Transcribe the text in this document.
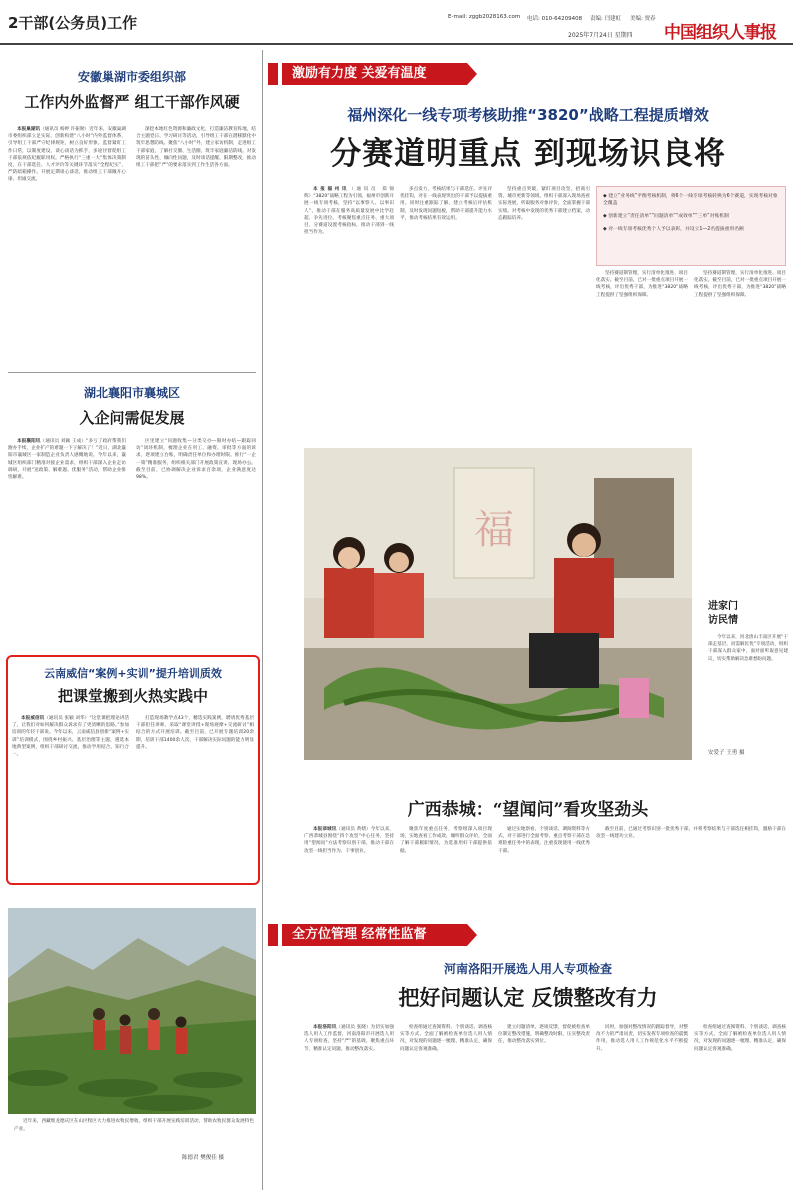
2干部(公务员)工作	E-mail: zggb2028163.com 电话: 010-64209408 责编: 闫建虹 美编: 贾春
2025年7月24日 星期四 中国组织人事报
安徽巢湖市委组织部
工作内外监督严 组工干部作风硬

本报巢湖讯（通讯员 杨婷 许振勋）近年来，安徽巢湖市委组织部立足实际，创新构建“八小时”内外监督体系，引导组工干部严守纪律规矩，树立良好形象。监督紧盯工作日常，以制度建设、谈心谈话为抓手，多途径督促组工干部依规依纪履职用权。严格执行“三重一大”集体决策制度，在干部选任、人才评价等关键环节落实“全程纪实”，严防暗箱操作。开展定期谈心谈话，推动组工干部敞开心扉、坦诚交流。

深挖本地红色资源和廉政文化，打造廉洁教育阵地，结合主题党日、学习研讨等活动，引导组工干部在潜移默化中筑牢思想防线。聚焦“八小时”外，建立家访机制，走进组工干部家庭，了解社交圈、生活圈，筑牢家庭廉洁防线。对发现的苗头性、倾向性问题，及时谈话提醒、限期整改，推动组工干部把“严”的要求落实到工作生活各方面。

湖北襄阳市襄城区
入企问需促发展

本报襄阳讯（通讯员 刘颖 王成）“多亏了政府帮我们跑办手续，企业扩产的难题一下子解决了！”近日，湖北襄阳市襄城区一家制造企业负责人感慨地说。今年以来，襄城区组织部门精准对接企业需求，组织干部深入企业走访调研，开展“送政策、解难题、优服务”活动，帮助企业排忧解难。

区里建立“问题收集—分类交办—限时办结—跟踪回访”闭环机制，梳理企业在用工、融资、审批等方面的诉求，逐项建立台账，明确责任单位和办理时限。推行“一企一策”精准服务，组织相关部门开展政策宣讲、现场办公。截至目前，已协调解决企业诉求百余项，企业满意度达98%。

云南威信“案例+实训”提升培训质效
把课堂搬到火热实践中

本报威信讯（通讯员 张颖 刘华）“这堂课把理论讲活了，让我们对如何解决群众诉求有了更清晰的思路。”参加培训的年轻干部说。今年以来，云南威信县创新“案例+实训”培训模式，围绕乡村振兴、基层治理等主题，遴选本地典型案例，组织干部研讨交流，推动学用结合、知行合一。

打造现场教学点43个，精选实践案例，聘请优秀基层干部担任讲师，采取“课堂讲授+现场观摩+交流研讨”相结合的方式开展培训。截至目前，已开展专题培训20余期，培训干部1400余人次，干部解决实际问题的能力明显提升。

近年来，西藏堆龙德庆区在山区牧区大力推进农牧民增收，组织干部开展实践培训活动，帮助农牧民群众发展特色产业。

陈德君 樊俊佳 摄
激励有力度 关爱有温度
福州深化一线专项考核助推“3820”战略工程提质增效
分赛道明重点 到现场识良将

本报福州讯（通讯员 郑锦辉）“3820”战略工程为引领，福州市创新开展一线专项考核，坚持“以事察人、以事识人”，推动干部在服务高质量发展中比学赶超、争先进位。考核聚焦重点任务、重大项目，分赛道设置考核指标，推动干部到一线担当作为。

多点发力，考核结果与干部选任、评先评优挂钩，对在一线表现突出的干部予以提拔重用。同时注重跟踪了解，建立考核后评估机制，及时发现问题短板，帮助干部提升能力水平，推动考核结果有效运用。

坚持重点突破，紧盯项目攻坚、招商引资、城市更新等领域，组织干部深入现场查看实际进展，听取服务对象评价，全面掌握干部实绩。对考核中发现的优秀干部建立档案，动态跟踪培养。

坚持赛道制管理，实行清单化推进、项目化落实。截至目前，已对一批重点项目开展一线考核，评出优秀干部，为推进“3820”战略工程提供了坚强组织保障。

◆ 建立“业务线”平衡考核机制，将6个一线专项考核转换为6个赛道，实现考核对象全覆盖
◆ 创新建立“责任清单”“问题清单”“成效单”“三单”对账机制
◆ 对一线专项考核优秀个人予以表彰，并设立1—2名提拔重用名额

坚持赛道制管理，实行清单化推进、项目化落实。截至目前，已对一批重点项目开展一线考核，评出优秀干部，为推进“3820”战略工程提供了坚强组织保障。

福
进家门
访民情

今年以来，河北唐山丰南区开展“干部走基层、问需解民忧”专项活动，组织干部深入群众家中，面对面听取意见建议，切实帮助解决急难愁盼问题。

安爱子 王勇 摄
广西恭城：“望闻问”看攻坚劲头

本报恭城讯（通讯员 黄婧）今年以来，广西恭城县围绕“四个攻坚”中心任务，坚持用“望闻问”方法考察识别干部，推动干部在攻坚一线担当作为、干事创业。

聚焦年度重点任务，考察组深入项目现场，实地查看工作成效，倾听群众评价，全面了解干部履职情况，为选准用好干部提供依据。

通过实地察看、个别谈话、调阅资料等方式，对干部进行全面考察，重点考察干部在急难险重任务中的表现，注重发现使用一线优秀干部。

截至目前，已通过考察识别一批优秀干部，并将考察结果与干部选任相挂钩，激励干部在攻坚一线建功立业。

全方位管理 经常性监督
河南洛阳开展选人用人专项检查
把好问题认定 反馈整改有力

本报洛阳讯（通讯员 张晓）为切实加强选人用人工作监督，河南洛阳市开展选人用人专项检查，坚持“严”的基调，聚焦重点环节，精准认定问题，推动整改落实。

检查组通过查阅资料、个别谈话、调查核实等方式，全面了解被检查单位选人用人情况，对发现的问题逐一梳理、精准认定，确保问题认定客观准确。

建立问题清单，逐项反馈，督促被检查单位制定整改措施，明确整改时限，压实整改责任，推动整改落实到位。

同时，加强对整改情况的跟踪督导，对整改不力的严肃问责，切实发挥专项检查的震慑作用，推动选人用人工作规范化水平不断提升。

检查组通过查阅资料、个别谈话、调查核实等方式，全面了解被检查单位选人用人情况，对发现的问题逐一梳理、精准认定，确保问题认定客观准确。
